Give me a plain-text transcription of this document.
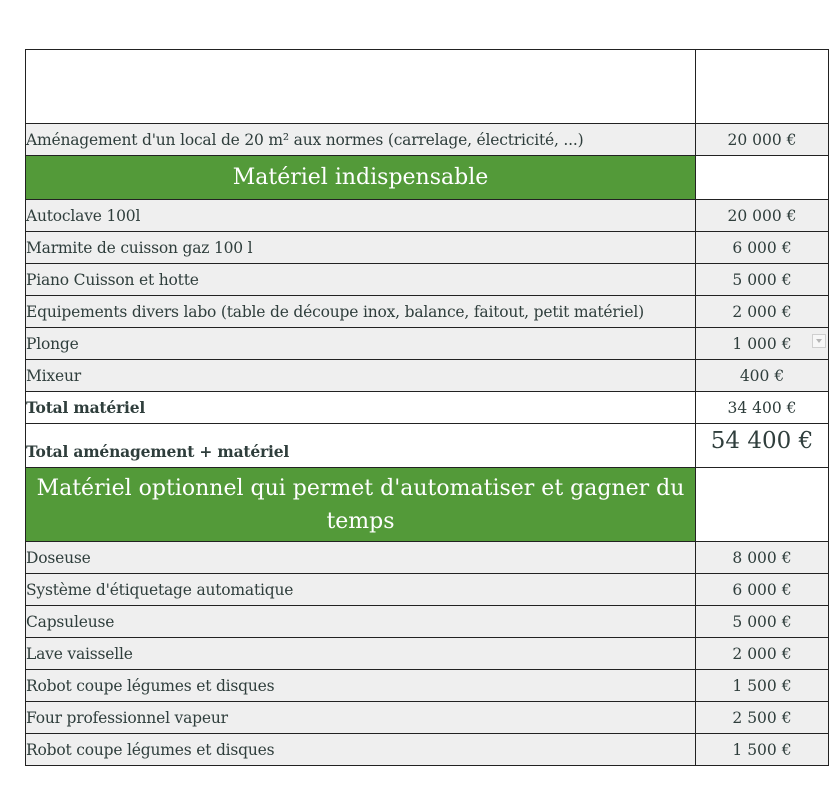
	coût estimé
Aménagement d'un local de 20 m² aux normes (carrelage, électricité, ...)	20 000 €
Matériel indispensable	
Autoclave 100l	20 000 €
Marmite de cuisson gaz 100 l	6 000 €
Piano Cuisson et hotte	5 000 €
Equipements divers labo (table de découpe inox, balance, faitout, petit matériel)	2 000 €
Plonge	1 000 €

Mixeur	400 €
Total matériel	34 400 €
Total aménagement + matériel	54 400 €
Matériel optionnel qui permet d'automatiser et gagner du temps	
Doseuse	8 000 €
Système d'étiquetage automatique	6 000 €
Capsuleuse	5 000 €
Lave vaisselle	2 000 €
Robot coupe légumes et disques	1 500 €
Four professionnel vapeur	2 500 €
Robot coupe légumes et disques	1 500 €
